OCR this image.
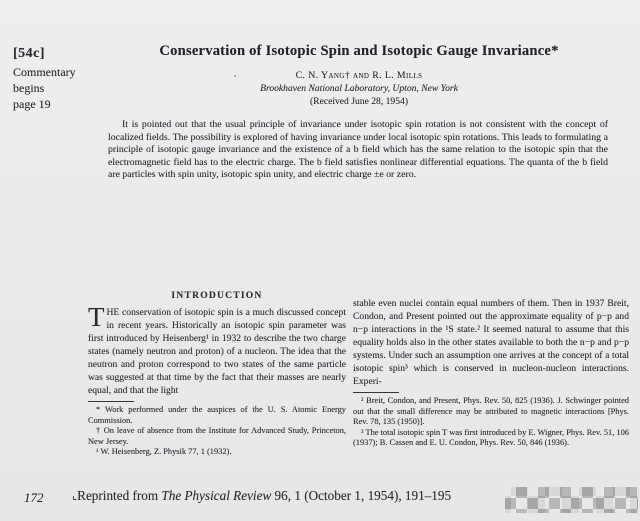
[54c]
Commentary
begins
page 19
Conservation of Isotopic Spin and Isotopic Gauge Invariance*
C. N. Yang† and R. L. Mills
Brookhaven National Laboratory, Upton, New York
(Received June 28, 1954)

It is pointed out that the usual principle of invariance under isotopic spin rotation is not consistent with the concept of localized fields. The possibility is explored of having invariance under local isotopic spin rotations. This leads to formulating a principle of isotopic gauge invariance and the existence of a b field which has the same relation to the isotopic spin that the electromagnetic field has to the electric charge. The b field satisfies nonlinear differential equations. The quanta of the b field are particles with spin unity, isotopic spin unity, and electric charge ±e or zero.

INTRODUCTION

THE conservation of isotopic spin is a much discussed concept in recent years. Historically an isotopic spin parameter was first introduced by Heisenberg¹ in 1932 to describe the two charge states (namely neutron and proton) of a nucleon. The idea that the neutron and proton correspond to two states of the same particle was suggested at that time by the fact that their masses are nearly equal, and that the light

* Work performed under the auspices of the U. S. Atomic Energy Commission.

† On leave of absence from the Institute for Advanced Study, Princeton, New Jersey.

¹ W. Heisenberg, Z. Physik 77, 1 (1932).

stable even nuclei contain equal numbers of them. Then in 1937 Breit, Condon, and Present pointed out the approximate equality of p−p and n−p interactions in the ¹S state.² It seemed natural to assume that this equality holds also in the other states available to both the n−p and p−p systems. Under such an assumption one arrives at the concept of a total isotopic spin³ which is conserved in nucleon-nucleon interactions. Experi-

² Breit, Condon, and Present, Phys. Rev. 50, 825 (1936). J. Schwinger pointed out that the small difference may be attributed to magnetic interactions [Phys. Rev. 78, 135 (1950)].

³ The total isotopic spin T was first introduced by E. Wigner, Phys. Rev. 51, 106 (1937); B. Cassen and E. U. Condon, Phys. Rev. 50, 846 (1936).

172	⌞Reprinted from The Physical Review 96, 1 (October 1, 1954), 191–195
